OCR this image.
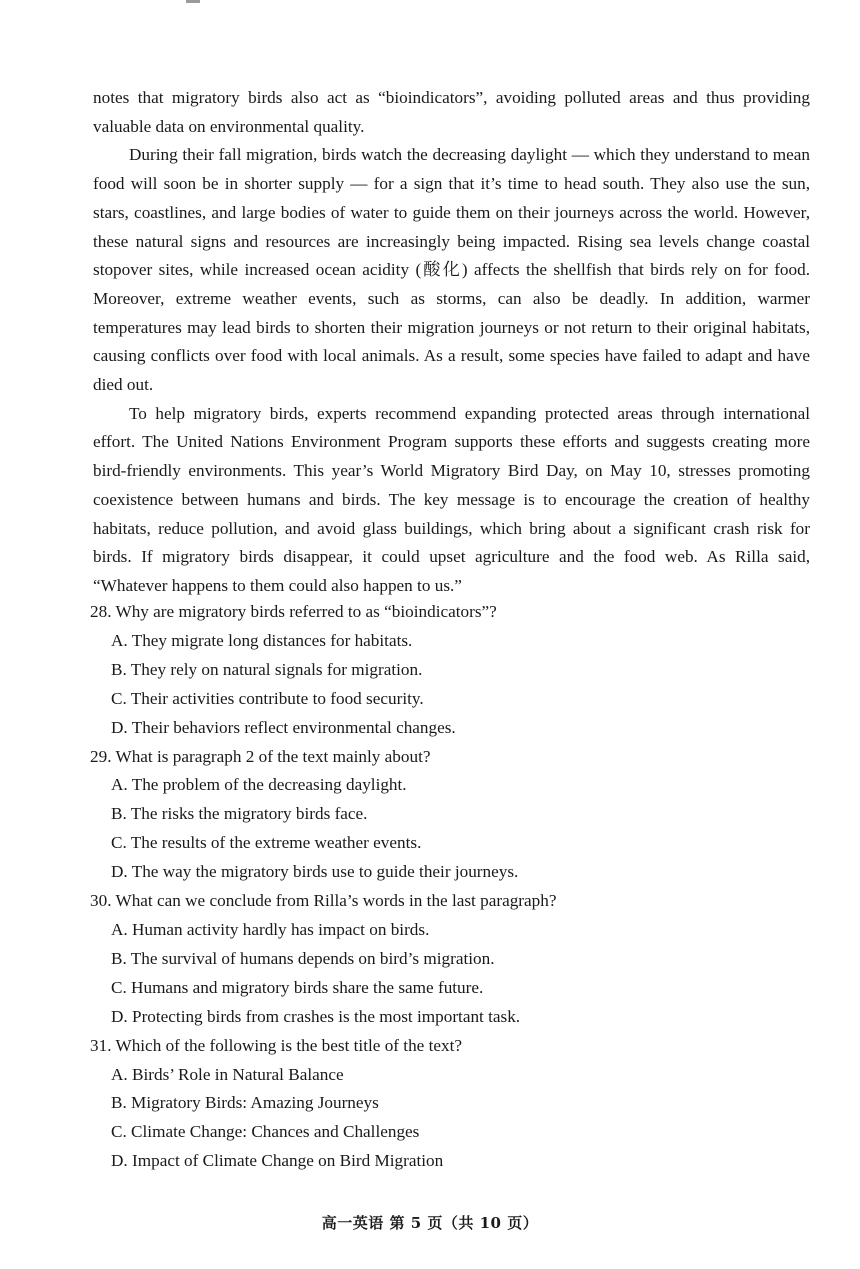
notes that migratory birds also act as “bioindicators”, avoiding polluted areas and thus providing valuable data on environmental quality.

During their fall migration, birds watch the decreasing daylight — which they understand to mean food will soon be in shorter supply — for a sign that it’s time to head south. They also use the sun, stars, coastlines, and large bodies of water to guide them on their journeys across the world. However, these natural signs and resources are increasingly being impacted. Rising sea levels change coastal stopover sites, while increased ocean acidity (酸化) affects the shellfish that birds rely on for food. Moreover, extreme weather events, such as storms, can also be deadly. In addition, warmer temperatures may lead birds to shorten their migration journeys or not return to their original habitats, causing conflicts over food with local animals. As a result, some species have failed to adapt and have died out.

To help migratory birds, experts recommend expanding protected areas through international effort. The United Nations Environment Program supports these efforts and suggests creating more bird-friendly environments. This year’s World Migratory Bird Day, on May 10, stresses promoting coexistence between humans and birds. The key message is to encourage the creation of healthy habitats, reduce pollution, and avoid glass buildings, which bring about a significant crash risk for birds. If migratory birds disappear, it could upset agriculture and the food web. As Rilla said, “Whatever happens to them could also happen to us.”

28. Why are migratory birds referred to as “bioindicators”?
A. They migrate long distances for habitats.
B. They rely on natural signals for migration.
C. Their activities contribute to food security.
D. Their behaviors reflect environmental changes.
29. What is paragraph 2 of the text mainly about?
A. The problem of the decreasing daylight.
B. The risks the migratory birds face.
C. The results of the extreme weather events.
D. The way the migratory birds use to guide their journeys.
30. What can we conclude from Rilla’s words in the last paragraph?
A. Human activity hardly has impact on birds.
B. The survival of humans depends on bird’s migration.
C. Humans and migratory birds share the same future.
D. Protecting birds from crashes is the most important task.
31. Which of the following is the best title of the text?
A. Birds’ Role in Natural Balance
B. Migratory Birds: Amazing Journeys
C. Climate Change: Chances and Challenges
D. Impact of Climate Change on Bird Migration
高一英语 第 5 页（共 10 页）
